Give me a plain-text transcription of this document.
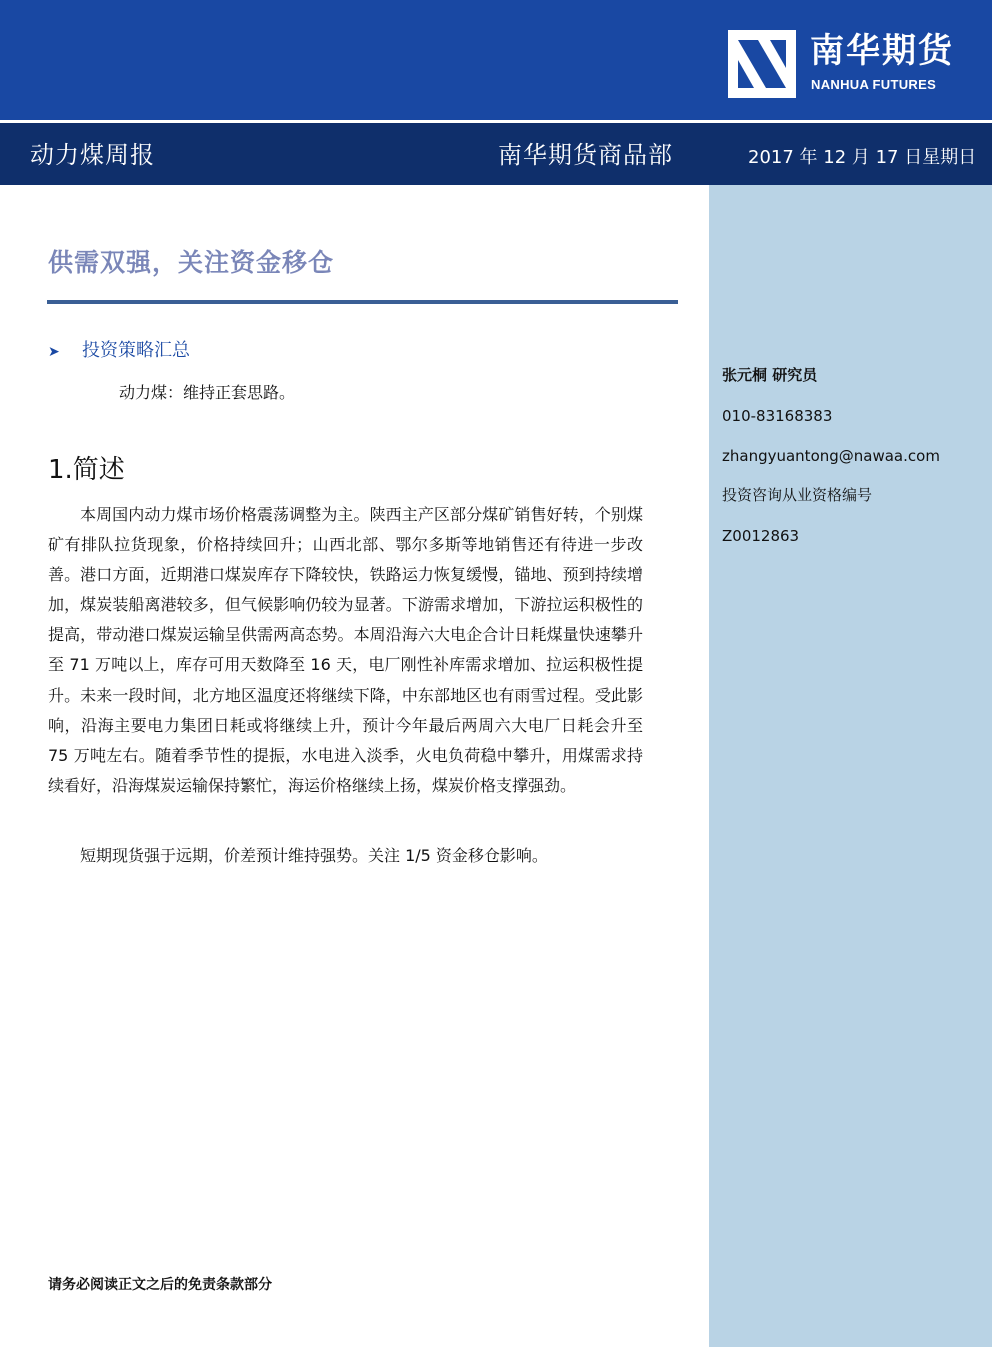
南华期货
NANHUA FUTURES
动力煤周报	南华期货商品部	2017 年 12 月 17 日星期日
张元桐 研究员
010-83168383
zhangyuantong@nawaa.com
投资咨询从业资格编号
Z0012863
供需双强，关注资金移仓
➤ 投资策略汇总
动力煤：维持正套思路。
1.简述

本周国内动力煤市场价格震荡调整为主。陕西主产区部分煤矿销售好转，个别煤矿有排队拉货现象，价格持续回升；山西北部、鄂尔多斯等地销售还有待进一步改善。港口方面，近期港口煤炭库存下降较快，铁路运力恢复缓慢，锚地、预到持续增加，煤炭装船离港较多，但气候影响仍较为显著。下游需求增加，下游拉运积极性的提高，带动港口煤炭运输呈供需两高态势。本周沿海六大电企合计日耗煤量快速攀升至 71 万吨以上，库存可用天数降至 16 天，电厂刚性补库需求增加、拉运积极性提升。未来一段时间，北方地区温度还将继续下降，中东部地区也有雨雪过程。受此影响，沿海主要电力集团日耗或将继续上升，预计今年最后两周六大电厂日耗会升至 75 万吨左右。随着季节性的提振，水电进入淡季，火电负荷稳中攀升，用煤需求持续看好，沿海煤炭运输保持繁忙，海运价格继续上扬，煤炭价格支撑强劲。

短期现货强于远期，价差预计维持强势。关注 1/5 资金移仓影响。

请务必阅读正文之后的免责条款部分
